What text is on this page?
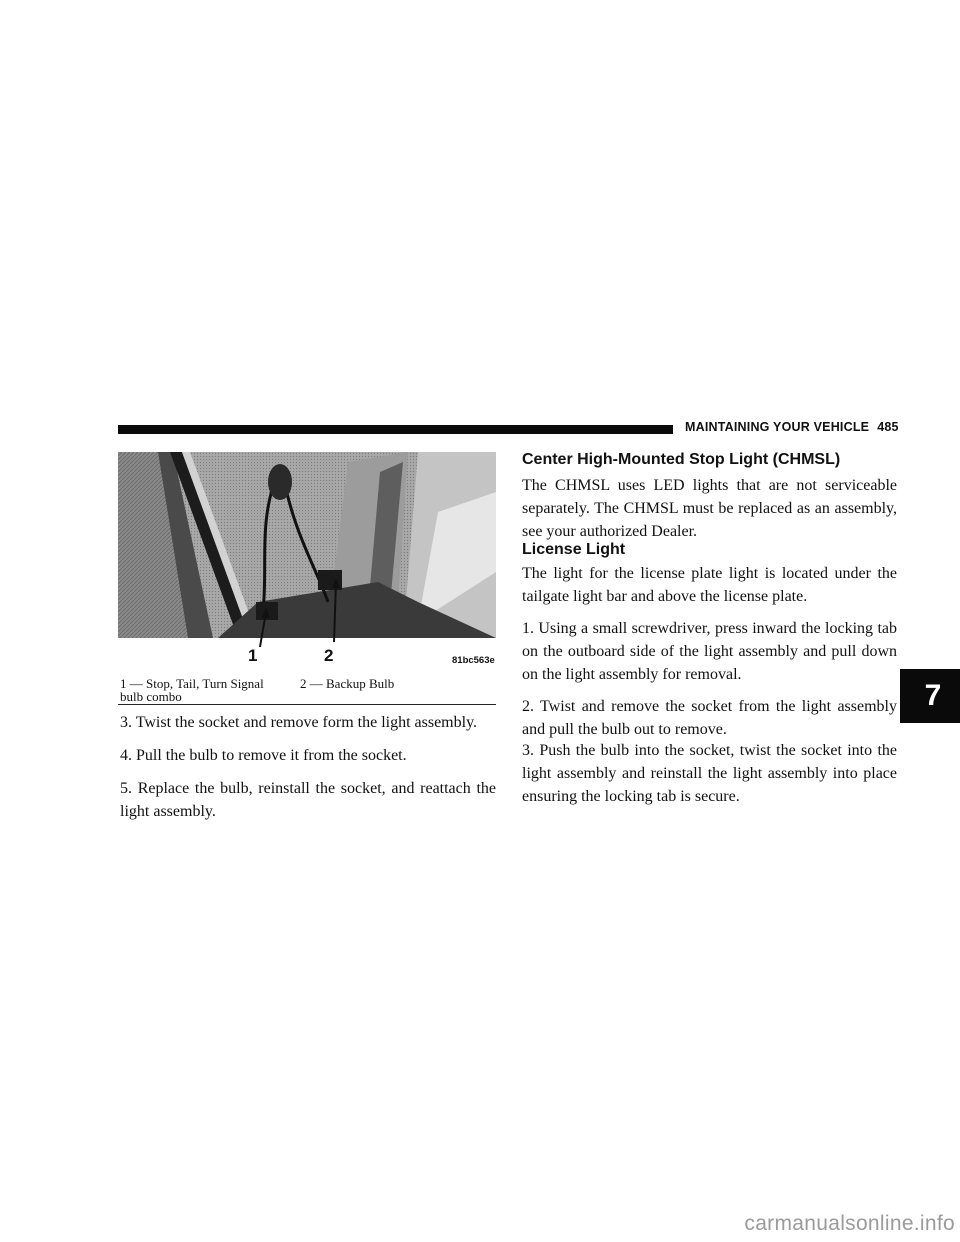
MAINTAINING YOUR VEHICLE 485
1	2	81bc563e
1 — Stop, Tail, Turn Signal bulb combo
2 — Backup Bulb
3. Twist the socket and remove form the light assembly.
4. Pull the bulb to remove it from the socket.
5. Replace the bulb, reinstall the socket, and reattach the light assembly.
Center High-Mounted Stop Light (CHMSL)
The CHMSL uses LED lights that are not serviceable separately. The CHMSL must be replaced as an assembly, see your authorized Dealer.
License Light
The light for the license plate light is located under the tailgate light bar and above the license plate.
1. Using a small screwdriver, press inward the locking tab on the outboard side of the light assembly and pull down on the light assembly for removal.
2. Twist and remove the socket from the light assembly and pull the bulb out to remove.
3. Push the bulb into the socket, twist the socket into the light assembly and reinstall the light assembly into place ensuring the locking tab is secure.
7
carmanualsonline.info
